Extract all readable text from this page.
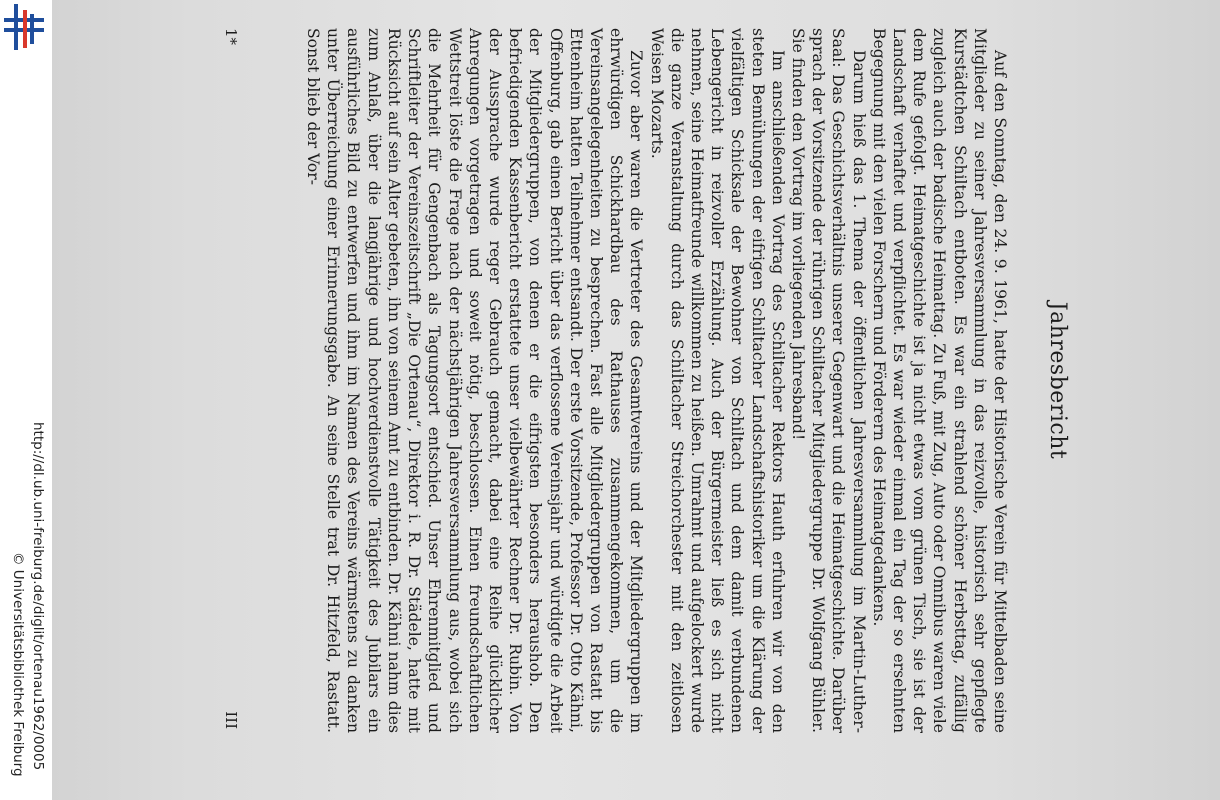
http://dl.ub.uni-freiburg.de/diglit/ortenau1962/0005
© Universitätsbibliothek Freiburg
Jahresbericht

Auf den Sonntag, den 24. 9. 1961, hatte der Historische Verein für Mittelbaden seine Mitglieder zu seiner Jahresversammlung in das reizvolle, historisch sehr gepflegte Kurstädtchen Schiltach entboten. Es war ein strahlend schöner Herbsttag, zufällig zugleich auch der badische Heimattag. Zu Fuß, mit Zug, Auto oder Omnibus waren viele dem Rufe gefolgt. Heimatgeschichte ist ja nicht etwas vom grünen Tisch, sie ist der Landschaft verhaftet und verpflichtet. Es war wieder einmal ein Tag der so ersehnten Begegnung mit den vielen Forschern und Förderern des Heimatgedankens.

Darum hieß das 1. Thema der öffentlichen Jahresversammlung im Martin-Luther-Saal: Das Geschichtsverhältnis unserer Gegenwart und die Heimatgeschichte. Darüber sprach der Vorsitzende der rührigen Schiltacher Mitgliedergruppe Dr. Wolfgang Bühler. Sie finden den Vortrag im vorliegenden Jahresband!

Im anschließenden Vortrag des Schiltacher Rektors Hauth erfuhren wir von den steten Bemühungen der eifrigen Schiltacher Landschaftshistoriker um die Klärung der vielfältigen Schicksale der Bewohner von Schiltach und dem damit verbundenen Lebengericht in reizvoller Erzählung. Auch der Bürgermeister ließ es sich nicht nehmen, seine Heimatfreunde willkommen zu heißen. Umrahmt und aufgelockert wurde die ganze Veranstaltung durch das Schiltacher Streichorchester mit den zeitlosen Weisen Mozarts.

Zuvor aber waren die Vertreter des Gesamtvereins und der Mitgliedergruppen im ehrwürdigen Schickhardbau des Rathauses zusammengekommen, um die Vereinsangelegenheiten zu besprechen. Fast alle Mitgliedergruppen von Rastatt bis Ettenheim hatten Teilnehmer entsandt. Der erste Vorsitzende, Professor Dr. Otto Kähni, Offenburg, gab einen Bericht über das verflossene Vereinsjahr und würdigte die Arbeit der Mitgliedergruppen, von denen er die eifrigsten besonders heraushob. Den befriedigenden Kassenbericht erstattete unser vielbewährter Rechner Dr. Rubin. Von der Aussprache wurde reger Gebrauch gemacht, dabei eine Reihe glücklicher Anregungen vorgetragen und soweit nötig, beschlossen. Einen freundschaftlichen Wettstreit löste die Frage nach der nächstjährigen Jahresversammlung aus, wobei sich die Mehrheit für Gengenbach als Tagungsort entschied. Unser Ehrenmitglied und Schriftleiter der Vereinszeitschrift „Die Ortenau“, Direktor i. R. Dr. Städele, hatte mit Rücksicht auf sein Alter gebeten, ihn von seinem Amt zu entbinden. Dr. Kähni nahm dies zum Anlaß, über die langjährige und hochverdienstvolle Tätigkeit des Jubilars ein ausführliches Bild zu entwerfen und ihm im Namen des Vereins wärmstens zu danken unter Überreichung einer Erinnerungsgabe. An seine Stelle trat Dr. Hitzfeld, Rastatt. Sonst blieb der Vor-

1*
III
